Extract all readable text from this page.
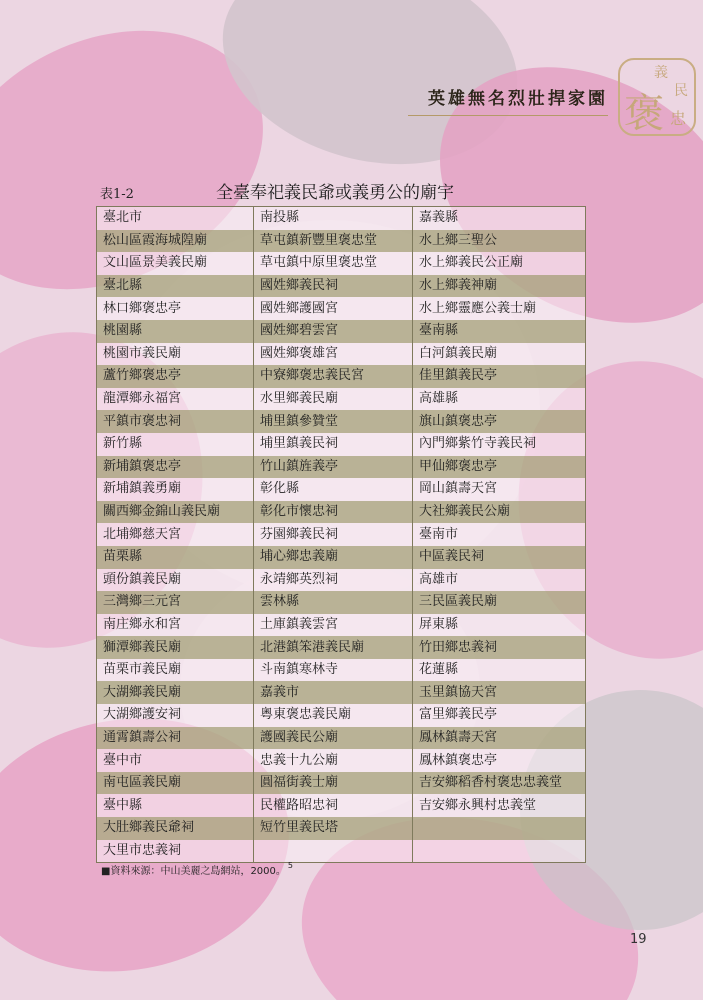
英雄無名烈壯捍家園
義
民
褒 忠
表1-2	全臺奉祀義民爺或義勇公的廟宇
臺北市	南投縣	嘉義縣
松山區霞海城隍廟	草屯鎮新豐里褒忠堂	水上鄉三聖公
文山區景美義民廟	草屯鎮中原里褒忠堂	水上鄉義民公正廟
臺北縣	國姓鄉義民祠	水上鄉義神廟
林口鄉褒忠亭	國姓鄉護國宮	水上鄉靈應公義士廟
桃園縣	國姓鄉碧雲宮	臺南縣
桃園市義民廟	國姓鄉褒雄宮	白河鎮義民廟
蘆竹鄉褒忠亭	中寮鄉褒忠義民宮	佳里鎮義民亭
龍潭鄉永福宮	水里鄉義民廟	高雄縣
平鎮市褒忠祠	埔里鎮參贊堂	旗山鎮褒忠亭
新竹縣	埔里鎮義民祠	內門鄉紫竹寺義民祠
新埔鎮褒忠亭	竹山鎮旌義亭	甲仙鄉褒忠亭
新埔鎮義勇廟	彰化縣	岡山鎮壽天宮
關西鄉金錦山義民廟	彰化市懷忠祠	大社鄉義民公廟
北埔鄉慈天宮	芬園鄉義民祠	臺南市
苗栗縣	埔心鄉忠義廟	中區義民祠
頭份鎮義民廟	永靖鄉英烈祠	高雄市
三灣鄉三元宮	雲林縣	三民區義民廟
南庄鄉永和宮	土庫鎮義雲宮	屏東縣
獅潭鄉義民廟	北港鎮笨港義民廟	竹田鄉忠義祠
苗栗市義民廟	斗南鎮寒林寺	花蓮縣
大湖鄉義民廟	嘉義市	玉里鎮協天宮
大湖鄉護安祠	粵東褒忠義民廟	富里鄉義民亭
通霄鎮壽公祠	護國義民公廟	鳳林鎮壽天宮
臺中市	忠義十九公廟	鳳林鎮褒忠亭
南屯區義民廟	圓福街義士廟	吉安鄉稻香村褒忠忠義堂
臺中縣	民權路昭忠祠	吉安鄉永興村忠義堂
大肚鄉義民爺祠	短竹里義民塔	
大里市忠義祠		
■資料來源：中山美麗之島網站，2000。$^5$
19
